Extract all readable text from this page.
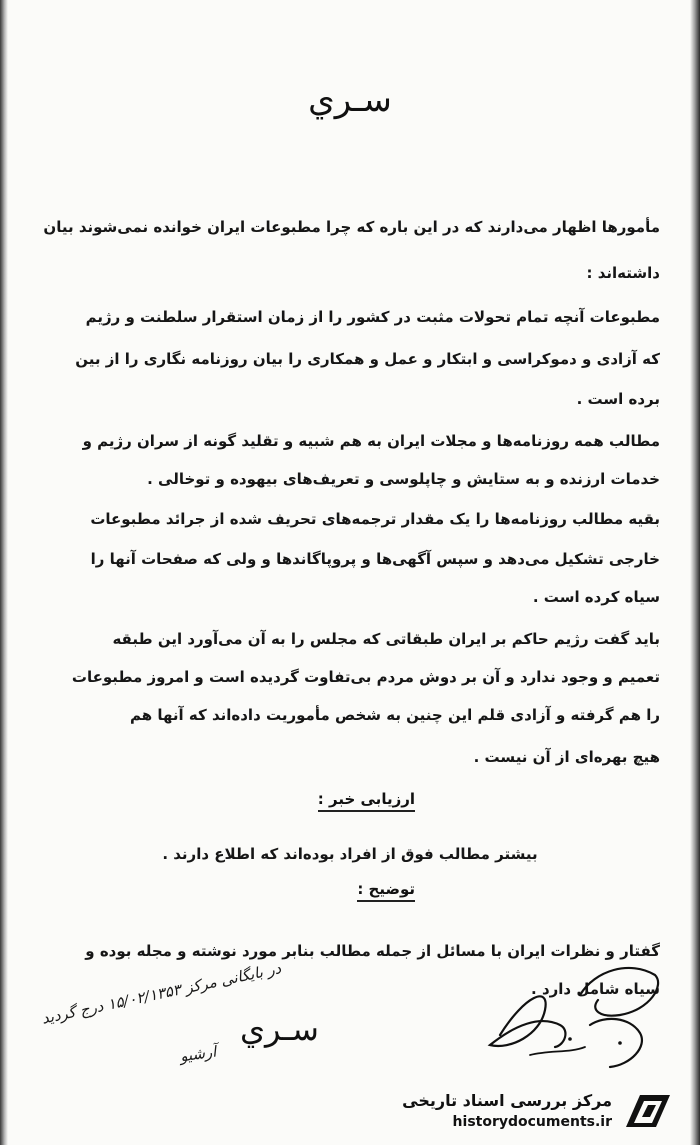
سـري
مأمورها اظهار می‌دارند که در این باره که چرا مطبوعات ایران خوانده نمی‌شوند بیان
داشته‌اند :
مطبوعات آنچه تمام تحولات مثبت در کشور را از زمان استقرار سلطنت و رژیم
که آزادی و دموکراسی و ابتکار و عمل و همکاری را بیان روزنامه نگاری را از بین
برده است .
مطالب همه روزنامه‌ها و مجلات ایران به هم شبیه و تقلید گونه از سران رژیم و
خدمات ارزنده و به ستایش و چاپلوسی و تعریف‌های بیهوده و توخالی .
بقیه مطالب روزنامه‌ها را یک مقدار ترجمه‌های تحریف شده از جرائد مطبوعات
خارجی تشکیل می‌دهد و سپس آگهی‌ها و پروپاگاندها و ولی که صفحات آنها را
سیاه کرده است .
باید گفت رژیم حاکم بر ایران طبقاتی که مجلس را به آن می‌آورد این طبقه
تعمیم و وجود ندارد و آن بر دوش مردم بی‌تفاوت گردیده است و امروز مطبوعات
را هم گرفته و آزادی قلم این چنین به شخص مأموریت داده‌اند که آنها هم
هیچ بهره‌ای از آن نیست .
ارزیابی خبر :
بیشتر مطالب فوق از افراد بوده‌اند که اطلاع دارند .
توضیح :
گفتار و نظرات ایران با مسائل از جمله مطالب بنابر مورد نوشته و مجله بوده و
سیاه شامل دارد .
در بایگانی مرکز ۱۵/۰۲/۱۳۵۳ درج گردید
آرشیو
سـري
مرکز بررسی اسناد تاریخی
historydocuments.ir
